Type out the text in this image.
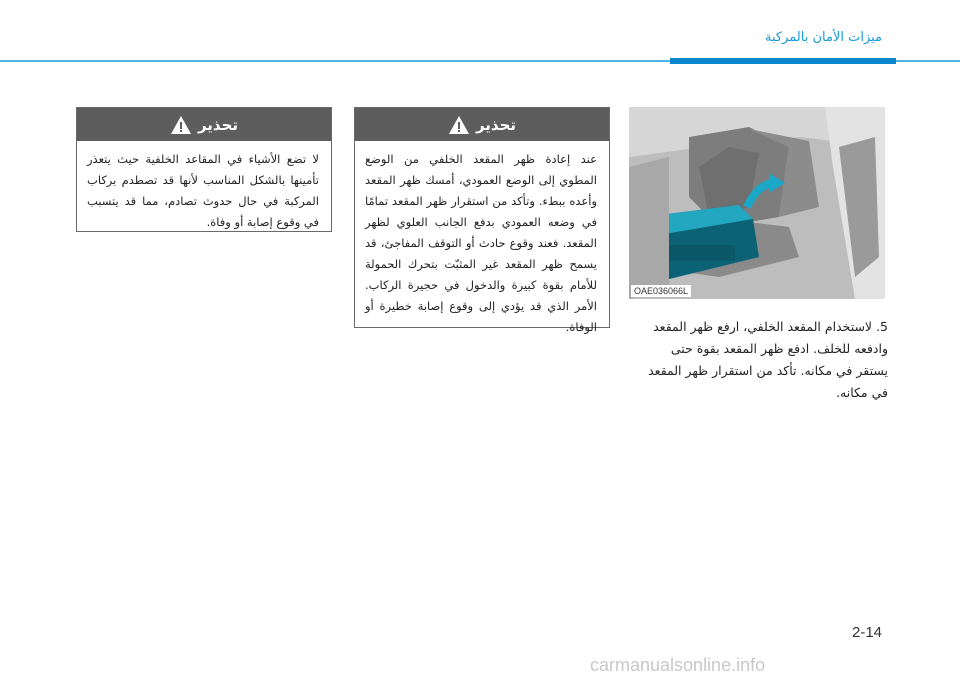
ميزات الأمان بالمركبة
تحذير
لا تضع الأشياء في المقاعد الخلفية حيث يتعذر تأمينها بالشكل المناسب لأنها قد تصطدم بركاب المركبة في حال حدوث تصادم، مما قد يتسبب في وقوع إصابة أو وفاة.
تحذير
عند إعادة ظهر المقعد الخلفي من الوضع المطوي إلى الوضع العمودي، أمسك ظهر المقعد وأعده ببطء. وتأكد من استقرار ظهر المقعد تمامًا في وضعه العمودي بدفع الجانب العلوي لظهر المقعد. فعند وقوع حادث أو التوقف المفاجئ، قد يسمح ظهر المقعد غير المثبّت بتحرك الحمولة للأمام بقوة كبيرة والدخول في حجيرة الركاب. الأمر الذي قد يؤدي إلى وقوع إصابة خطيرة أو الوفاة.
OAE036066L
5. لاستخدام المقعد الخلفي، ارفع ظهر المقعد وادفعه للخلف. ادفع ظهر المقعد بقوة حتى يستقر في مكانه. تأكد من استقرار ظهر المقعد في مكانه.
2-14
carmanualsonline.info
